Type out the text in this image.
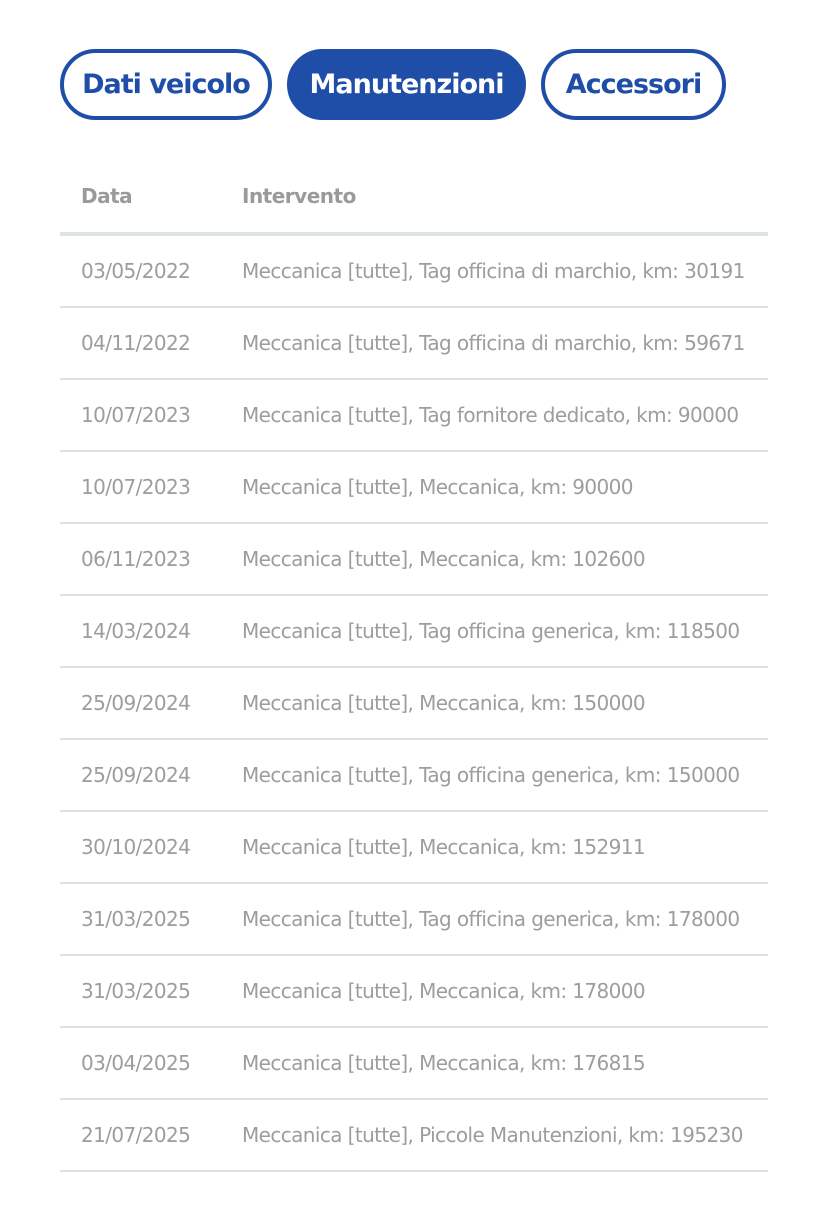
Dati veicolo	Manutenzioni	Accessori
Data	Intervento
03/05/2022	Meccanica [tutte], Tag officina di marchio, km: 30191
04/11/2022	Meccanica [tutte], Tag officina di marchio, km: 59671
10/07/2023	Meccanica [tutte], Tag fornitore dedicato, km: 90000
10/07/2023	Meccanica [tutte], Meccanica, km: 90000
06/11/2023	Meccanica [tutte], Meccanica, km: 102600
14/03/2024	Meccanica [tutte], Tag officina generica, km: 118500
25/09/2024	Meccanica [tutte], Meccanica, km: 150000
25/09/2024	Meccanica [tutte], Tag officina generica, km: 150000
30/10/2024	Meccanica [tutte], Meccanica, km: 152911
31/03/2025	Meccanica [tutte], Tag officina generica, km: 178000
31/03/2025	Meccanica [tutte], Meccanica, km: 178000
03/04/2025	Meccanica [tutte], Meccanica, km: 176815
21/07/2025	Meccanica [tutte], Piccole Manutenzioni, km: 195230
